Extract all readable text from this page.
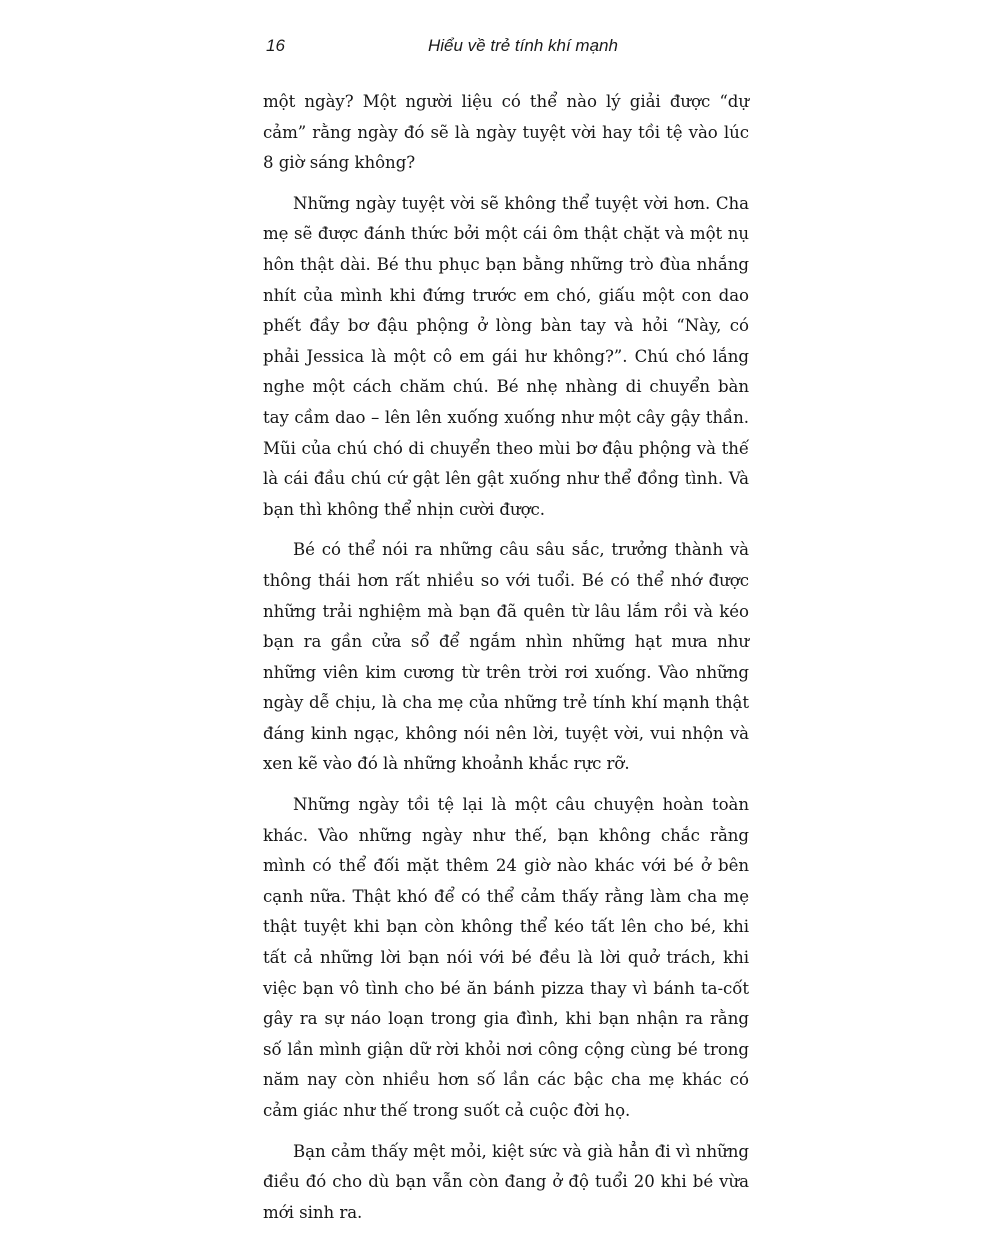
16	Hiểu về trẻ tính khí mạnh

một ngày? Một người liệu có thể nào lý giải được “dự cảm” rằng ngày đó sẽ là ngày tuyệt vời hay tồi tệ vào lúc 8 giờ sáng không?

Những ngày tuyệt vời sẽ không thể tuyệt vời hơn. Cha mẹ sẽ được đánh thức bởi một cái ôm thật chặt và một nụ hôn thật dài. Bé thu phục bạn bằng những trò đùa nhắng nhít của mình khi đứng trước em chó, giấu một con dao phết đầy bơ đậu phộng ở lòng bàn tay và hỏi “Này, có phải Jessica là một cô em gái hư không?”. Chú chó lắng nghe một cách chăm chú. Bé nhẹ nhàng di chuyển bàn tay cầm dao – lên lên xuống xuống như một cây gậy thần. Mũi của chú chó di chuyển theo mùi bơ đậu phộng và thế là cái đầu chú cứ gật lên gật xuống như thể đồng tình. Và bạn thì không thể nhịn cười được.

Bé có thể nói ra những câu sâu sắc, trưởng thành và thông thái hơn rất nhiều so với tuổi. Bé có thể nhớ được những trải nghiệm mà bạn đã quên từ lâu lắm rồi và kéo bạn ra gần cửa sổ để ngắm nhìn những hạt mưa như những viên kim cương từ trên trời rơi xuống. Vào những ngày dễ chịu, là cha mẹ của những trẻ tính khí mạnh thật đáng kinh ngạc, không nói nên lời, tuyệt vời, vui nhộn và xen kẽ vào đó là những khoảnh khắc rực rỡ.

Những ngày tồi tệ lại là một câu chuyện hoàn toàn khác. Vào những ngày như thế, bạn không chắc rằng mình có thể đối mặt thêm 24 giờ nào khác với bé ở bên cạnh nữa. Thật khó để có thể cảm thấy rằng làm cha mẹ thật tuyệt khi bạn còn không thể kéo tất lên cho bé, khi tất cả những lời bạn nói với bé đều là lời quở trách, khi việc bạn vô tình cho bé ăn bánh pizza thay vì bánh ta-cốt gây ra sự náo loạn trong gia đình, khi bạn nhận ra rằng số lần mình giận dữ rời khỏi nơi công cộng cùng bé trong năm nay còn nhiều hơn số lần các bậc cha mẹ khác có cảm giác như thế trong suốt cả cuộc đời họ.

Bạn cảm thấy mệt mỏi, kiệt sức và già hẳn đi vì những điều đó cho dù bạn vẫn còn đang ở độ tuổi 20 khi bé vừa mới sinh ra.
